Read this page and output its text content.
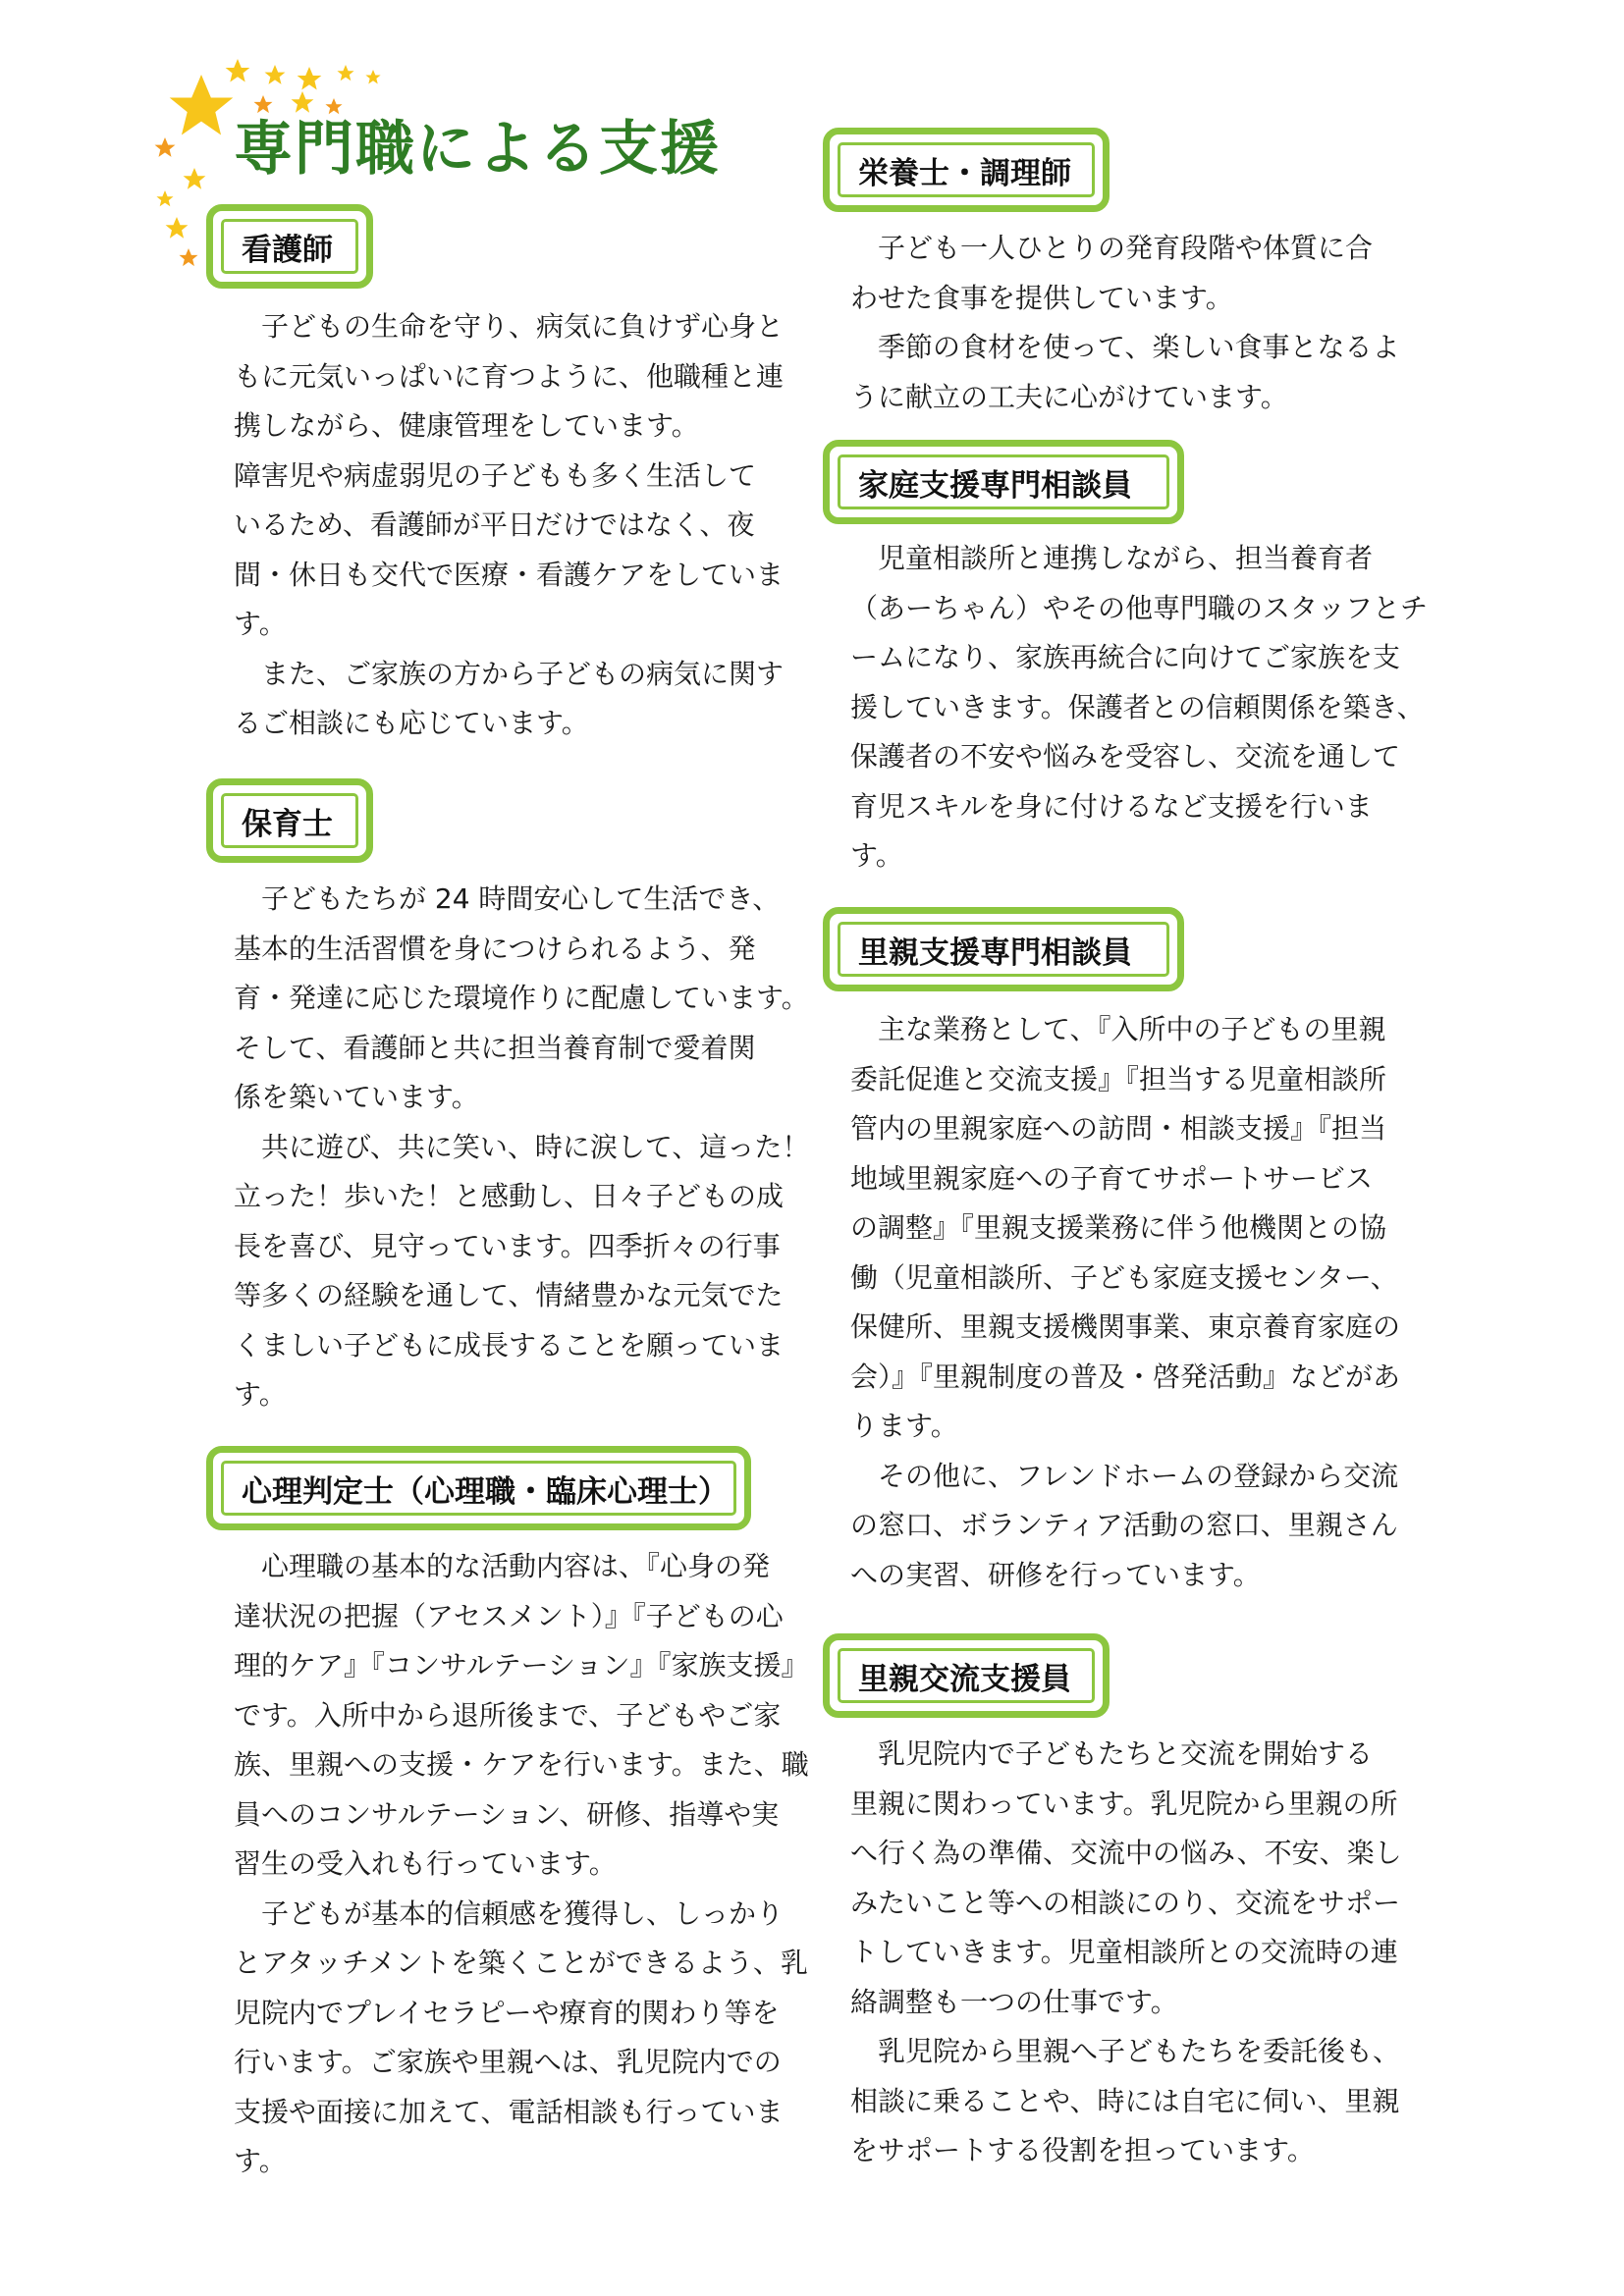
専門職による支援
看護師

　子どもの生命を守り、病気に負けず心身と

もに元気いっぱいに育つように、他職種と連

携しながら、健康管理をしています。

障害児や病虚弱児の子どもも多く生活して

いるため、看護師が平日だけではなく、夜

間・休日も交代で医療・看護ケアをしていま

す。

　また、ご家族の方から子どもの病気に関す

るご相談にも応じています。

保育士

　子どもたちが 24 時間安心して生活でき、

基本的生活習慣を身につけられるよう、発

育・発達に応じた環境作りに配慮しています。

そして、看護師と共に担当養育制で愛着関

係を築いています。

　共に遊び、共に笑い、時に涙して、這った！

立った！歩いた！と感動し、日々子どもの成

長を喜び、見守っています。四季折々の行事

等多くの経験を通して、情緒豊かな元気でた

くましい子どもに成長することを願っていま

す。

心理判定士（心理職・臨床心理士）

　心理職の基本的な活動内容は、『心身の発

達状況の把握（アセスメント）』『子どもの心

理的ケア』『コンサルテーション』『家族支援』

です。入所中から退所後まで、子どもやご家

族、里親への支援・ケアを行います。また、職

員へのコンサルテーション、研修、指導や実

習生の受入れも行っています。

　子どもが基本的信頼感を獲得し、しっかり

とアタッチメントを築くことができるよう、乳

児院内でプレイセラピーや療育的関わり等を

行います。ご家族や里親へは、乳児院内での

支援や面接に加えて、電話相談も行っていま

す。

栄養士・調理師

　子ども一人ひとりの発育段階や体質に合

わせた食事を提供しています。

　季節の食材を使って、楽しい食事となるよ

うに献立の工夫に心がけています。

家庭支援専門相談員

　児童相談所と連携しながら、担当養育者

（あーちゃん）やその他専門職のスタッフとチ

ームになり、家族再統合に向けてご家族を支

援していきます。保護者との信頼関係を築き、

保護者の不安や悩みを受容し、交流を通して

育児スキルを身に付けるなど支援を行いま

す。

里親支援専門相談員

　主な業務として、『入所中の子どもの里親

委託促進と交流支援』『担当する児童相談所

管内の里親家庭への訪問・相談支援』『担当

地域里親家庭への子育てサポートサービス

の調整』『里親支援業務に伴う他機関との協

働（児童相談所、子ども家庭支援センター、

保健所、里親支援機関事業、東京養育家庭の

会）』『里親制度の普及・啓発活動』などがあ

ります。

　その他に、フレンドホームの登録から交流

の窓口、ボランティア活動の窓口、里親さん

への実習、研修を行っています。

里親交流支援員

　乳児院内で子どもたちと交流を開始する

里親に関わっています。乳児院から里親の所

へ行く為の準備、交流中の悩み、不安、楽し

みたいこと等への相談にのり、交流をサポー

トしていきます。児童相談所との交流時の連

絡調整も一つの仕事です。

　乳児院から里親へ子どもたちを委託後も、

相談に乗ることや、時には自宅に伺い、里親

をサポートする役割を担っています。
